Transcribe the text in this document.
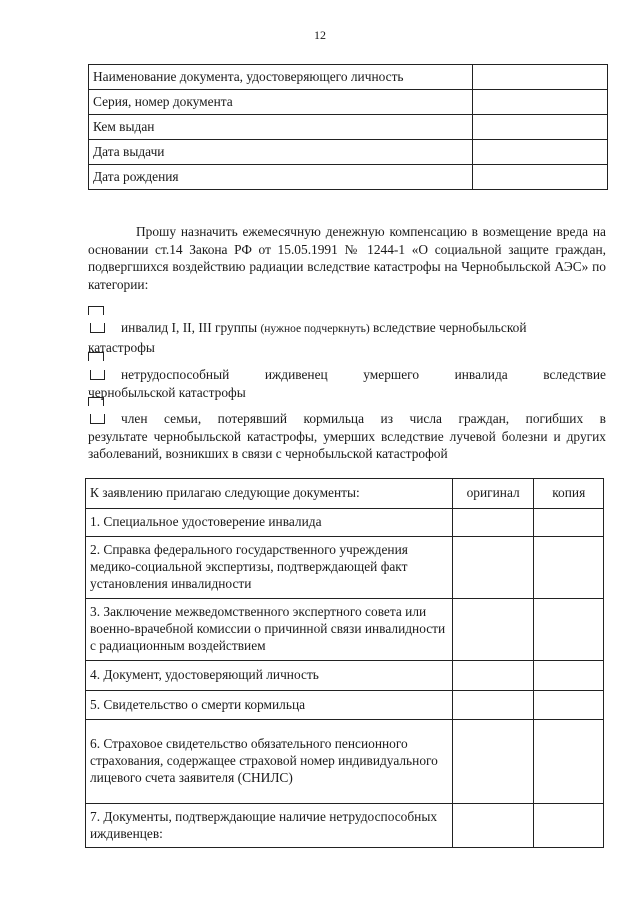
12
Наименование документа, удостоверяющего личность	
Серия, номер документа	
Кем выдан	
Дата выдачи	
Дата рождения	

Прошу назначить ежемесячную денежную компенсацию в возмещение вреда на основании ст.14 Закона РФ от 15.05.1991 № 1244-1 «О социальной защите граждан, подвергшихся воздействию радиации вследствие катастрофы на Чернобыльской АЭС» по категории:

инвалид I, II, III группы (нужное подчеркнуть) вследствие чернобыльской
катастрофы
нетрудоспособный иждивенец умершего инвалида вследствие
чернобыльской катастрофы
член семьи, потерявший кормильца из числа граждан, погибших в
результате чернобыльской катастрофы, умерших вследствие лучевой болезни и других заболеваний, возникших в связи с чернобыльской катастрофой
К заявлению прилагаю следующие документы:	оригинал	копия
1. Специальное удостоверение инвалида		
2. Справка федерального государственного учреждения медико-социальной экспертизы, подтверждающей факт установления инвалидности		
3. Заключение межведомственного экспертного совета или военно-врачебной комиссии о причинной связи инвалидности с радиационным воздействием		
4. Документ, удостоверяющий личность		
5. Свидетельство о смерти кормильца		
6. Страховое свидетельство обязательного пенсионного страхования, содержащее страховой номер индивидуального лицевого счета заявителя (СНИЛС)		
7. Документы, подтверждающие наличие нетрудоспособных иждивенцев:		
